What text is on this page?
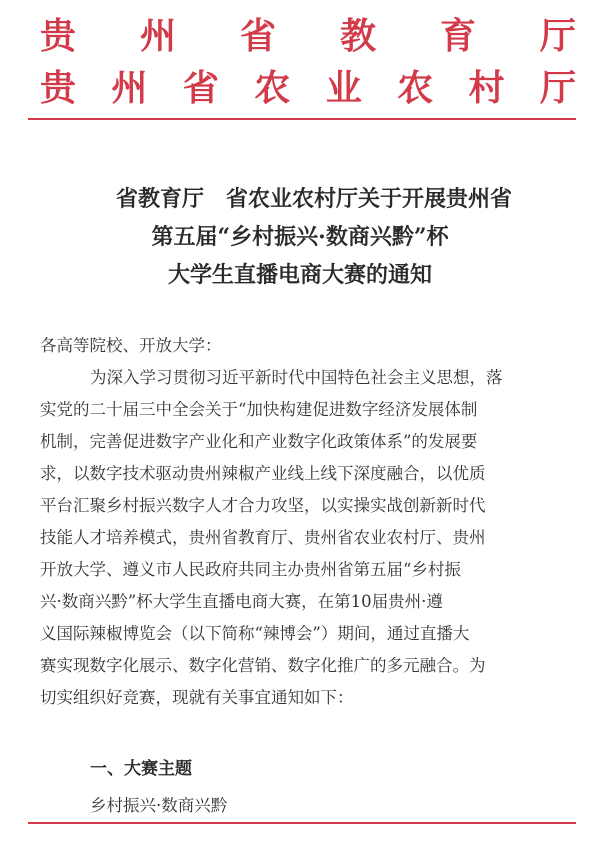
贵 州 省 教 育 厅
贵 州 省 农 业 农 村 厅
省教育厅　省农业农村厅关于开展贵州省
第五届“乡村振兴·数商兴黔”杯
大学生直播电商大赛的通知
各高等院校、开放大学：
为深入学习贯彻习近平新时代中国特色社会主义思想，落
实党的二十届三中全会关于“加快构建促进数字经济发展体制
机制，完善促进数字产业化和产业数字化政策体系”的发展要
求，以数字技术驱动贵州辣椒产业线上线下深度融合，以优质
平台汇聚乡村振兴数字人才合力攻坚，以实操实战创新新时代
技能人才培养模式，贵州省教育厅、贵州省农业农村厅、贵州
开放大学、遵义市人民政府共同主办贵州省第五届“乡村振
兴·数商兴黔”杯大学生直播电商大赛，在第10届贵州·遵
义国际辣椒博览会（以下简称“辣博会”）期间，通过直播大
赛实现数字化展示、数字化营销、数字化推广的多元融合。为
切实组织好竞赛，现就有关事宜通知如下：
一、大赛主题
乡村振兴·数商兴黔
